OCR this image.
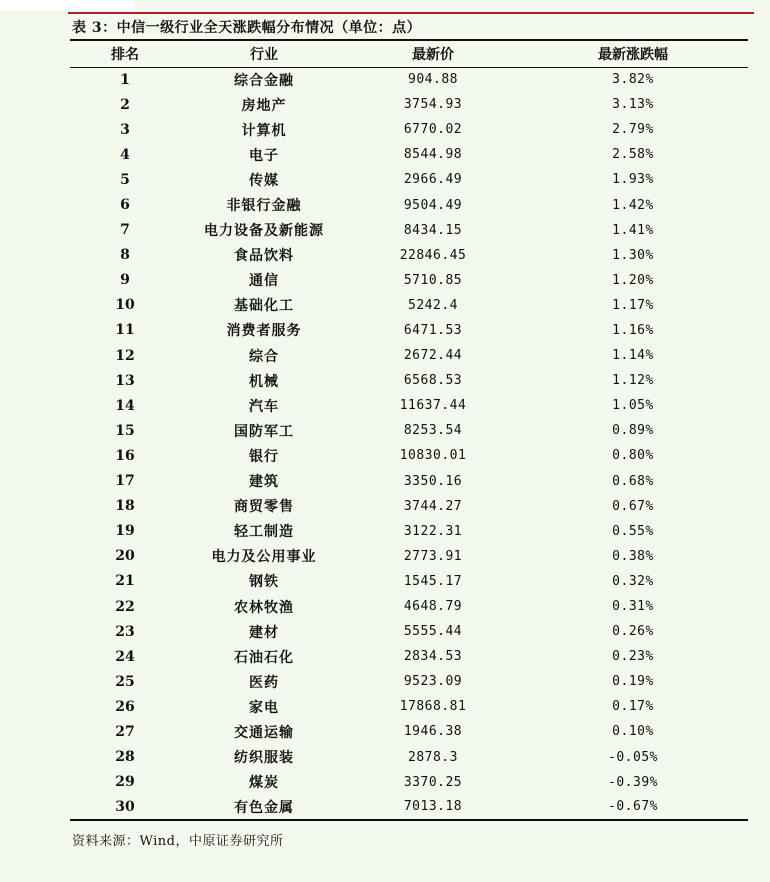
表 3：中信一级行业全天涨跌幅分布情况（单位：点）
排名	行业	最新价	最新涨跌幅
1	综合金融	904.88	3.82%
2	房地产	3754.93	3.13%
3	计算机	6770.02	2.79%
4	电子	8544.98	2.58%
5	传媒	2966.49	1.93%
6	非银行金融	9504.49	1.42%
7	电力设备及新能源	8434.15	1.41%
8	食品饮料	22846.45	1.30%
9	通信	5710.85	1.20%
10	基础化工	5242.4	1.17%
11	消费者服务	6471.53	1.16%
12	综合	2672.44	1.14%
13	机械	6568.53	1.12%
14	汽车	11637.44	1.05%
15	国防军工	8253.54	0.89%
16	银行	10830.01	0.80%
17	建筑	3350.16	0.68%
18	商贸零售	3744.27	0.67%
19	轻工制造	3122.31	0.55%
20	电力及公用事业	2773.91	0.38%
21	钢铁	1545.17	0.32%
22	农林牧渔	4648.79	0.31%
23	建材	5555.44	0.26%
24	石油石化	2834.53	0.23%
25	医药	9523.09	0.19%
26	家电	17868.81	0.17%
27	交通运输	1946.38	0.10%
28	纺织服装	2878.3	-0.05%
29	煤炭	3370.25	-0.39%
30	有色金属	7013.18	-0.67%
资料来源：Wind，中原证券研究所
